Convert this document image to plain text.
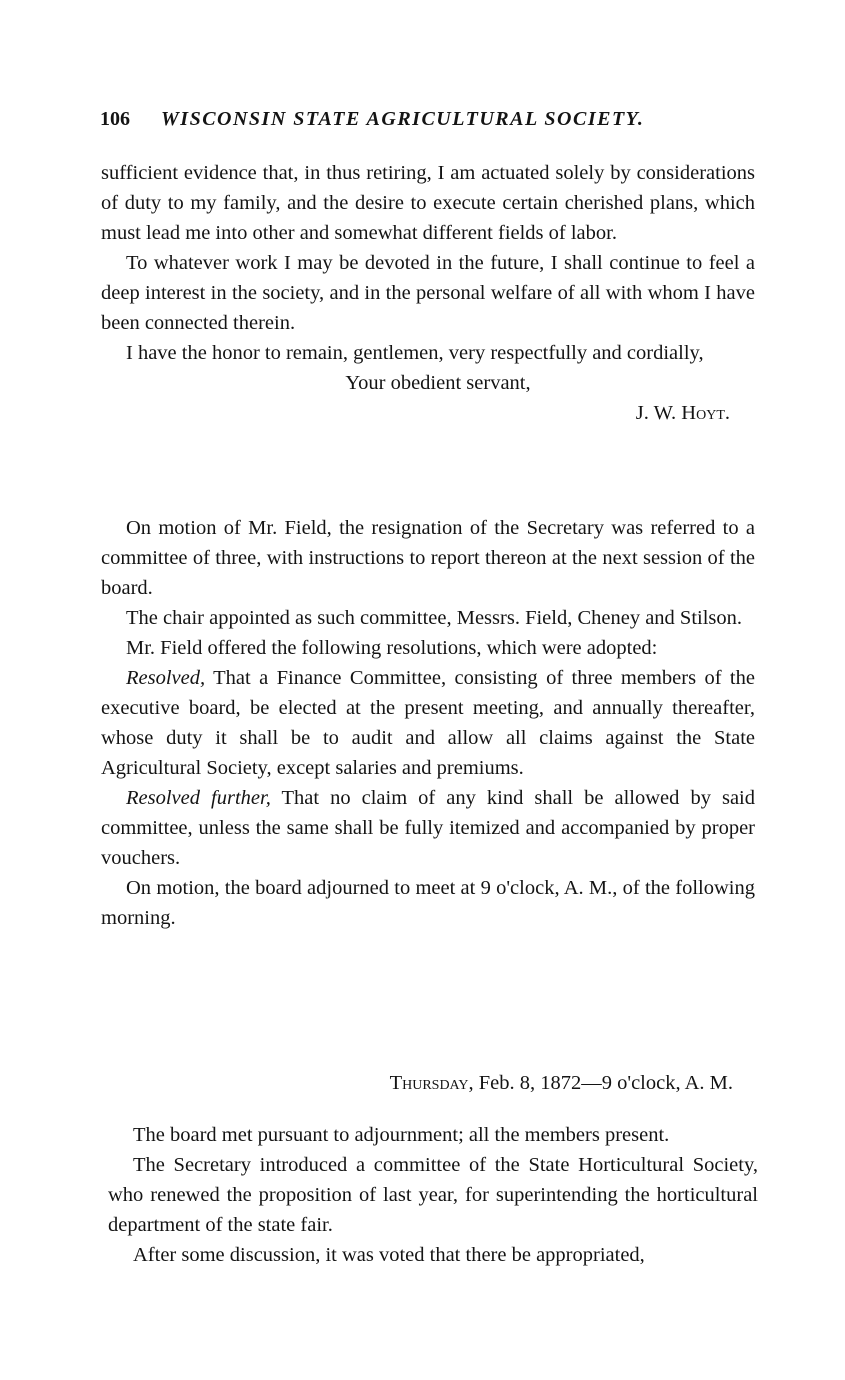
106 WISCONSIN STATE AGRICULTURAL SOCIETY.

sufficient evidence that, in thus retiring, I am actuated solely by considerations of duty to my family, and the desire to execute certain cherished plans, which must lead me into other and somewhat different fields of labor.

To whatever work I may be devoted in the future, I shall continue to feel a deep interest in the society, and in the personal welfare of all with whom I have been connected therein.

I have the honor to remain, gentlemen, very respectfully and cordially,

Your obedient servant,

J. W. Hoyt.

On motion of Mr. Field, the resignation of the Secretary was referred to a committee of three, with instructions to report thereon at the next session of the board.

The chair appointed as such committee, Messrs. Field, Cheney and Stilson.

Mr. Field offered the following resolutions, which were adopted:

Resolved, That a Finance Committee, consisting of three members of the executive board, be elected at the present meeting, and annually thereafter, whose duty it shall be to audit and allow all claims against the State Agricultural Society, except salaries and premiums.

Resolved further, That no claim of any kind shall be allowed by said committee, unless the same shall be fully itemized and accompanied by proper vouchers.

On motion, the board adjourned to meet at 9 o'clock, A. M., of the following morning.

Thursday, Feb. 8, 1872—9 o'clock, A. M.

The board met pursuant to adjournment; all the members present.

The Secretary introduced a committee of the State Horticultural Society, who renewed the proposition of last year, for superintending the horticultural department of the state fair.

After some discussion, it was voted that there be appropriated,
